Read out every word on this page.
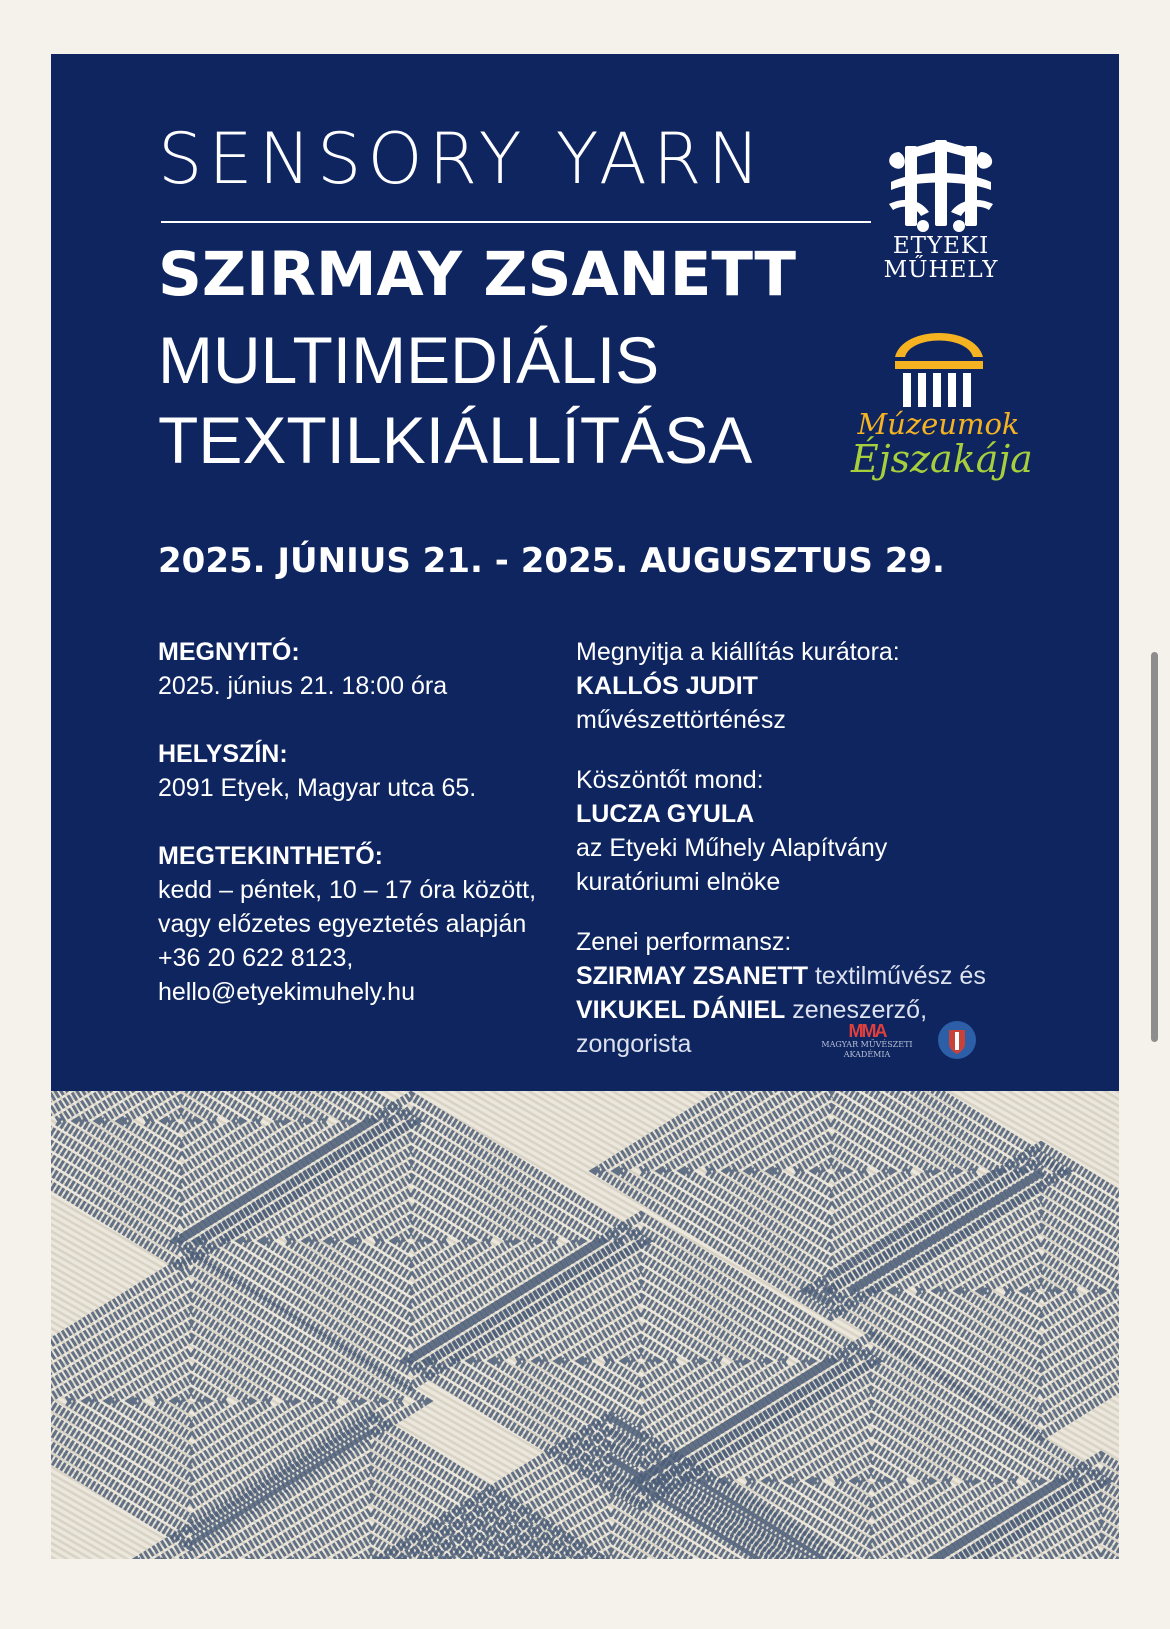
SENSORY YARN
SZIRMAY ZSANETT
MULTIMEDIÁLIS
TEXTILKIÁLLÍTÁSA
ETYEKI
MŰHELY
Múzeumok
Éjszakája
2025. JÚNIUS 21. - 2025. AUGUSZTUS 29.
MEGNYITÓ:
2025. június 21. 18:00 óra
HELYSZÍN:
2091 Etyek, Magyar utca 65.
MEGTEKINTHETŐ:
kedd – péntek, 10 – 17 óra között,
vagy előzetes egyeztetés alapján
+36 20 622 8123,
hello@etyekimuhely.hu
Megnyitja a kiállítás kurátora:
KALLÓS JUDIT
művészettörténész
Köszöntőt mond:
LUCZA GYULA
az Etyeki Műhely Alapítvány
kuratóriumi elnöke
Zenei performansz:
SZIRMAY ZSANETT textilművész és
VIKUKEL DÁNIEL zeneszerző,
zongorista	MMA
MAGYAR MŰVÉSZETI
AKADÉMIA
